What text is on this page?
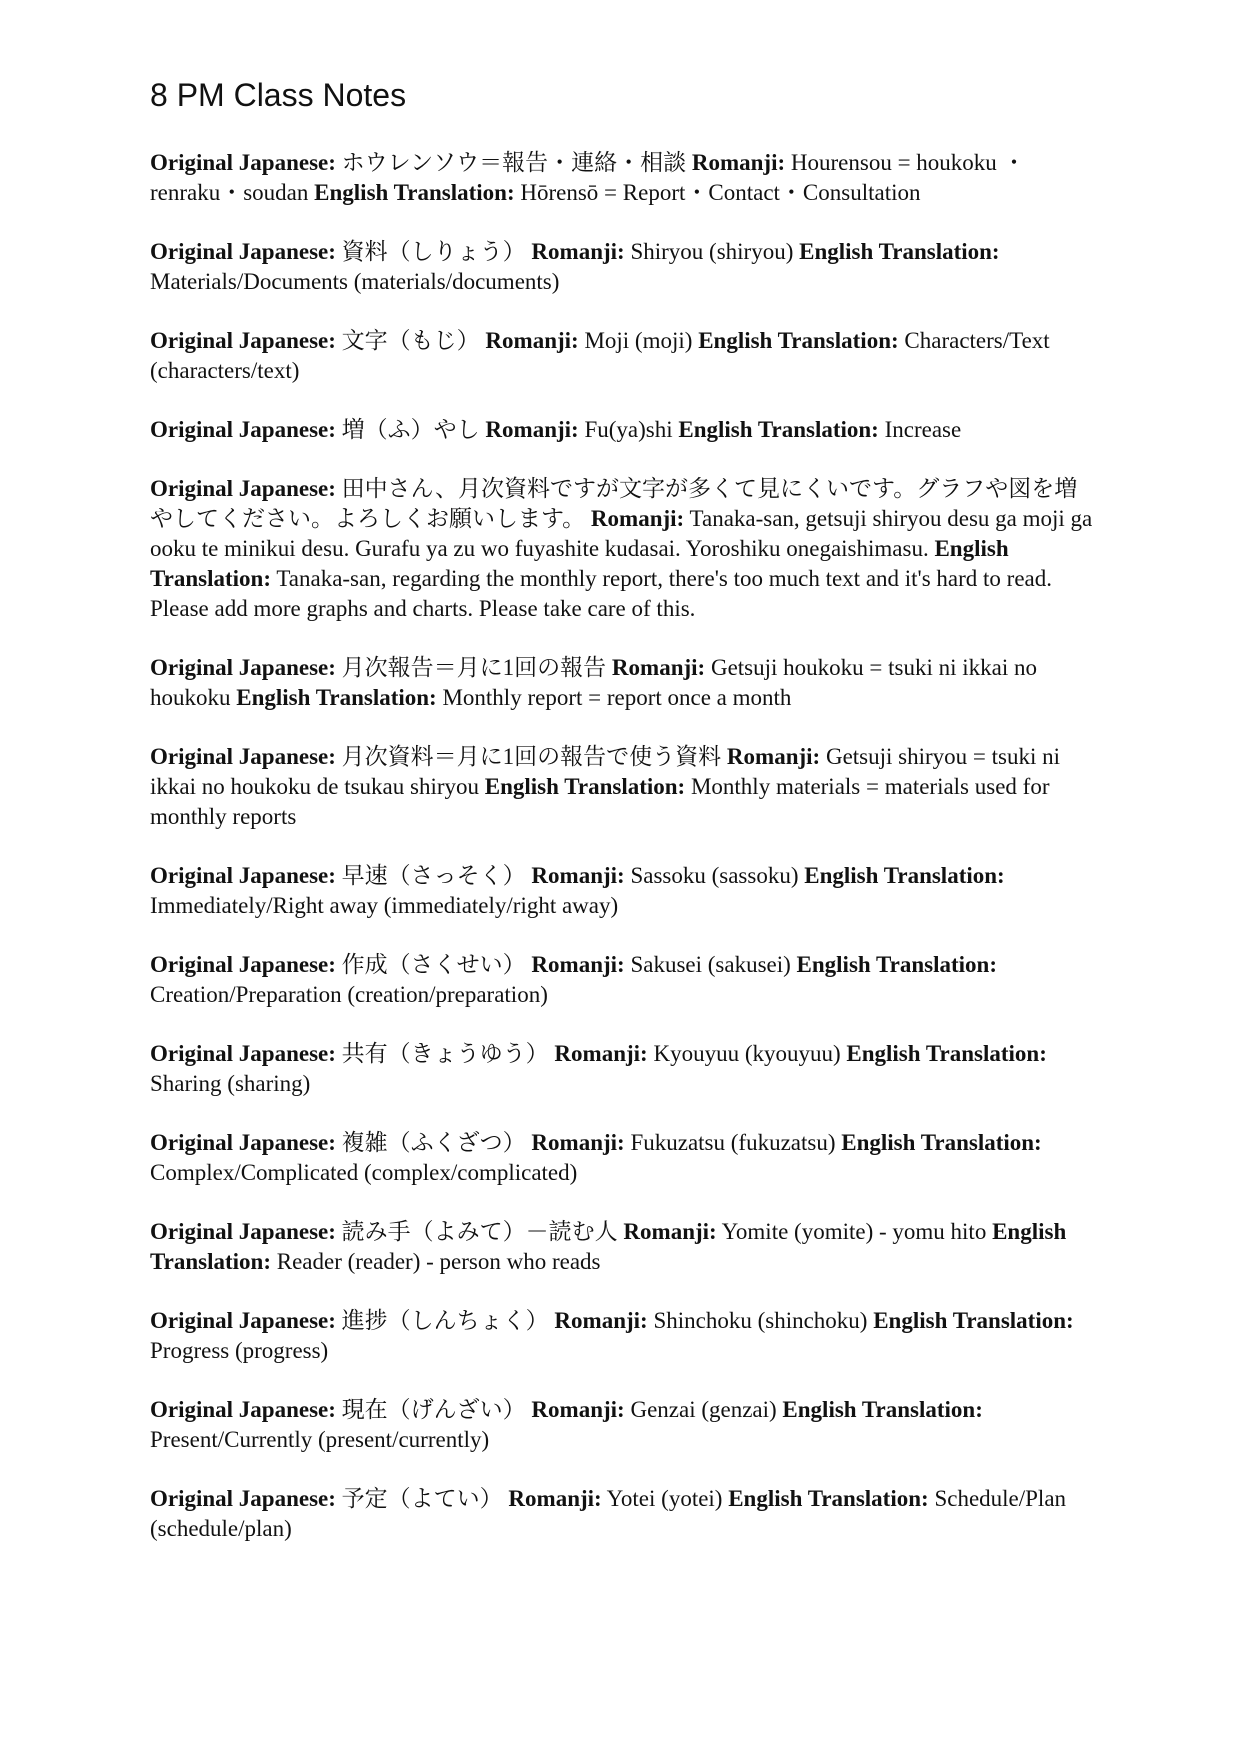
8 PM Class Notes

Original Japanese: ホウレンソウ＝報告・連絡・相談 Romanji: Hourensou = houkoku ・renraku・soudan English Translation: Hōrensō = Report・Contact・Consultation

Original Japanese: 資料（しりょう） Romanji: Shiryou (shiryou) English Translation: Materials/Documents (materials/documents)

Original Japanese: 文字（もじ） Romanji: Moji (moji) English Translation: Characters/Text (characters/text)

Original Japanese: 増（ふ）やし Romanji: Fu(ya)shi English Translation: Increase

Original Japanese: 田中さん、月次資料ですが文字が多くて見にくいです。グラフや図を増やしてください。よろしくお願いします。 Romanji: Tanaka-san, getsuji shiryou desu ga moji ga ooku te minikui desu. Gurafu ya zu wo fuyashite kudasai. Yoroshiku onegaishimasu. English Translation: Tanaka-san, regarding the monthly report, there's too much text and it's hard to read. Please add more graphs and charts. Please take care of this.

Original Japanese: 月次報告＝月に1回の報告 Romanji: Getsuji houkoku = tsuki ni ikkai no houkoku English Translation: Monthly report = report once a month

Original Japanese: 月次資料＝月に1回の報告で使う資料 Romanji: Getsuji shiryou = tsuki ni ikkai no houkoku de tsukau shiryou English Translation: Monthly materials = materials used for monthly reports

Original Japanese: 早速（さっそく） Romanji: Sassoku (sassoku) English Translation: Immediately/Right away (immediately/right away)

Original Japanese: 作成（さくせい） Romanji: Sakusei (sakusei) English Translation: Creation/Preparation (creation/preparation)

Original Japanese: 共有（きょうゆう） Romanji: Kyouyuu (kyouyuu) English Translation: Sharing (sharing)

Original Japanese: 複雑（ふくざつ） Romanji: Fukuzatsu (fukuzatsu) English Translation: Complex/Complicated (complex/complicated)

Original Japanese: 読み手（よみて）－読む人 Romanji: Yomite (yomite) - yomu hito English Translation: Reader (reader) - person who reads

Original Japanese: 進捗（しんちょく） Romanji: Shinchoku (shinchoku) English Translation: Progress (progress)

Original Japanese: 現在（げんざい） Romanji: Genzai (genzai) English Translation: Present/Currently (present/currently)

Original Japanese: 予定（よてい） Romanji: Yotei (yotei) English Translation: Schedule/Plan (schedule/plan)
